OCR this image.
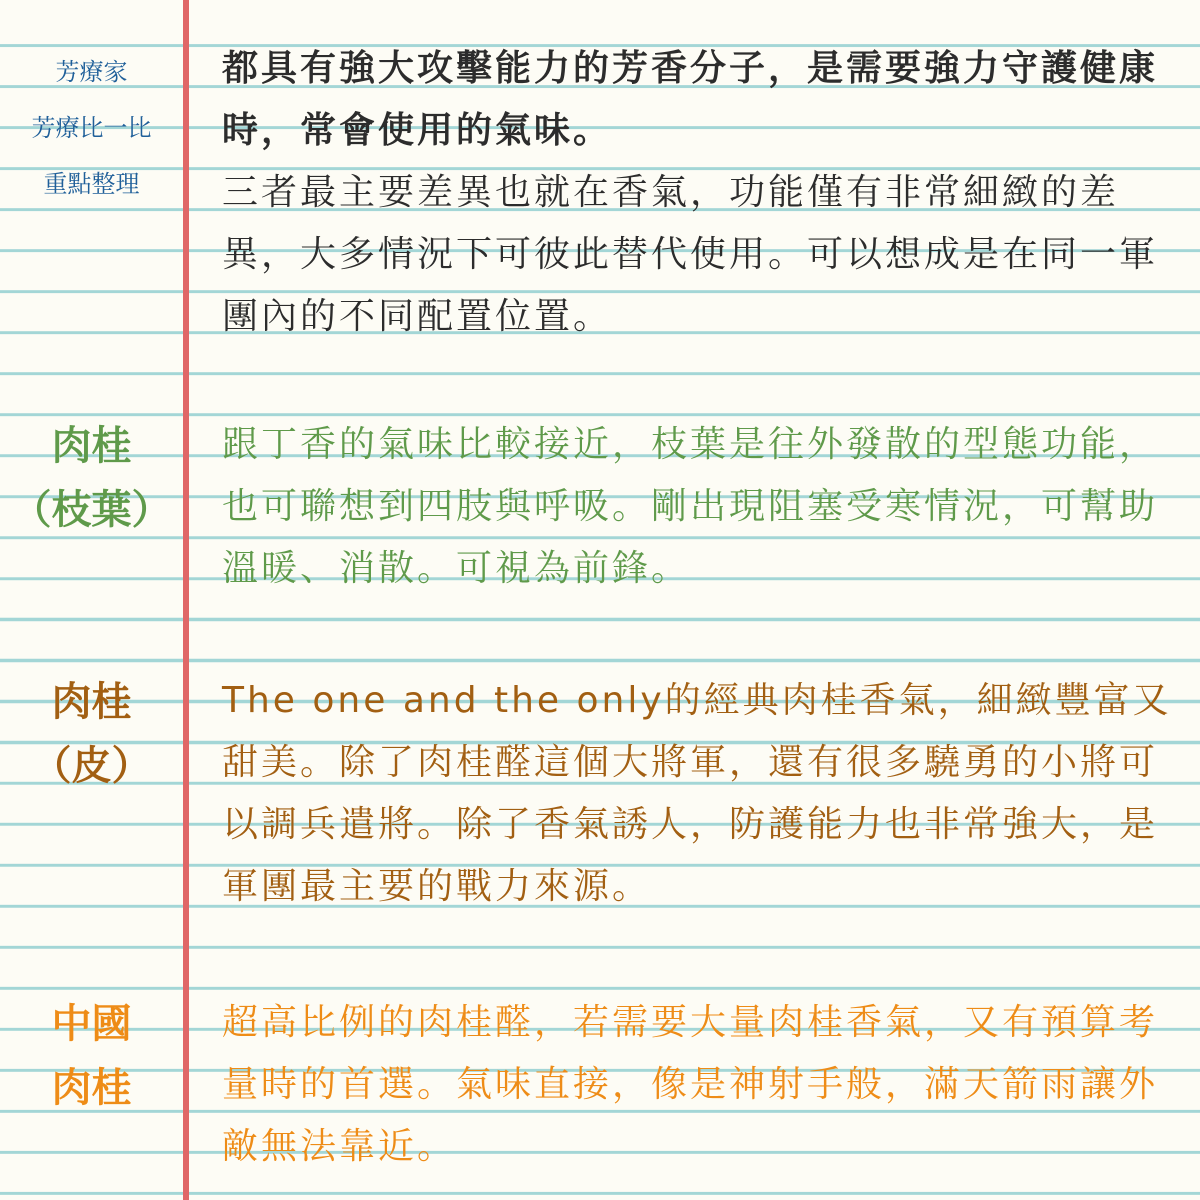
芳療家
芳療比一比
重點整理

都具有強大攻擊能力的芳香分子，是需要強力守護健康時，常會使用的氣味。

三者最主要差異也就在香氣，功能僅有非常細緻的差異，大多情況下可彼此替代使用。可以想成是在同一軍團內的不同配置位置。

肉桂
（枝葉）

跟丁香的氣味比較接近，枝葉是往外發散的型態功能，也可聯想到四肢與呼吸。剛出現阻塞受寒情況，可幫助溫暖、消散。可視為前鋒。

肉桂
（皮）

The one and the only的經典肉桂香氣，細緻豐富又甜美。除了肉桂醛這個大將軍，還有很多驍勇的小將可以調兵遣將。除了香氣誘人，防護能力也非常強大，是軍團最主要的戰力來源。

中國
肉桂

超高比例的肉桂醛，若需要大量肉桂香氣，又有預算考量時的首選。氣味直接，像是神射手般，滿天箭雨讓外敵無法靠近。
